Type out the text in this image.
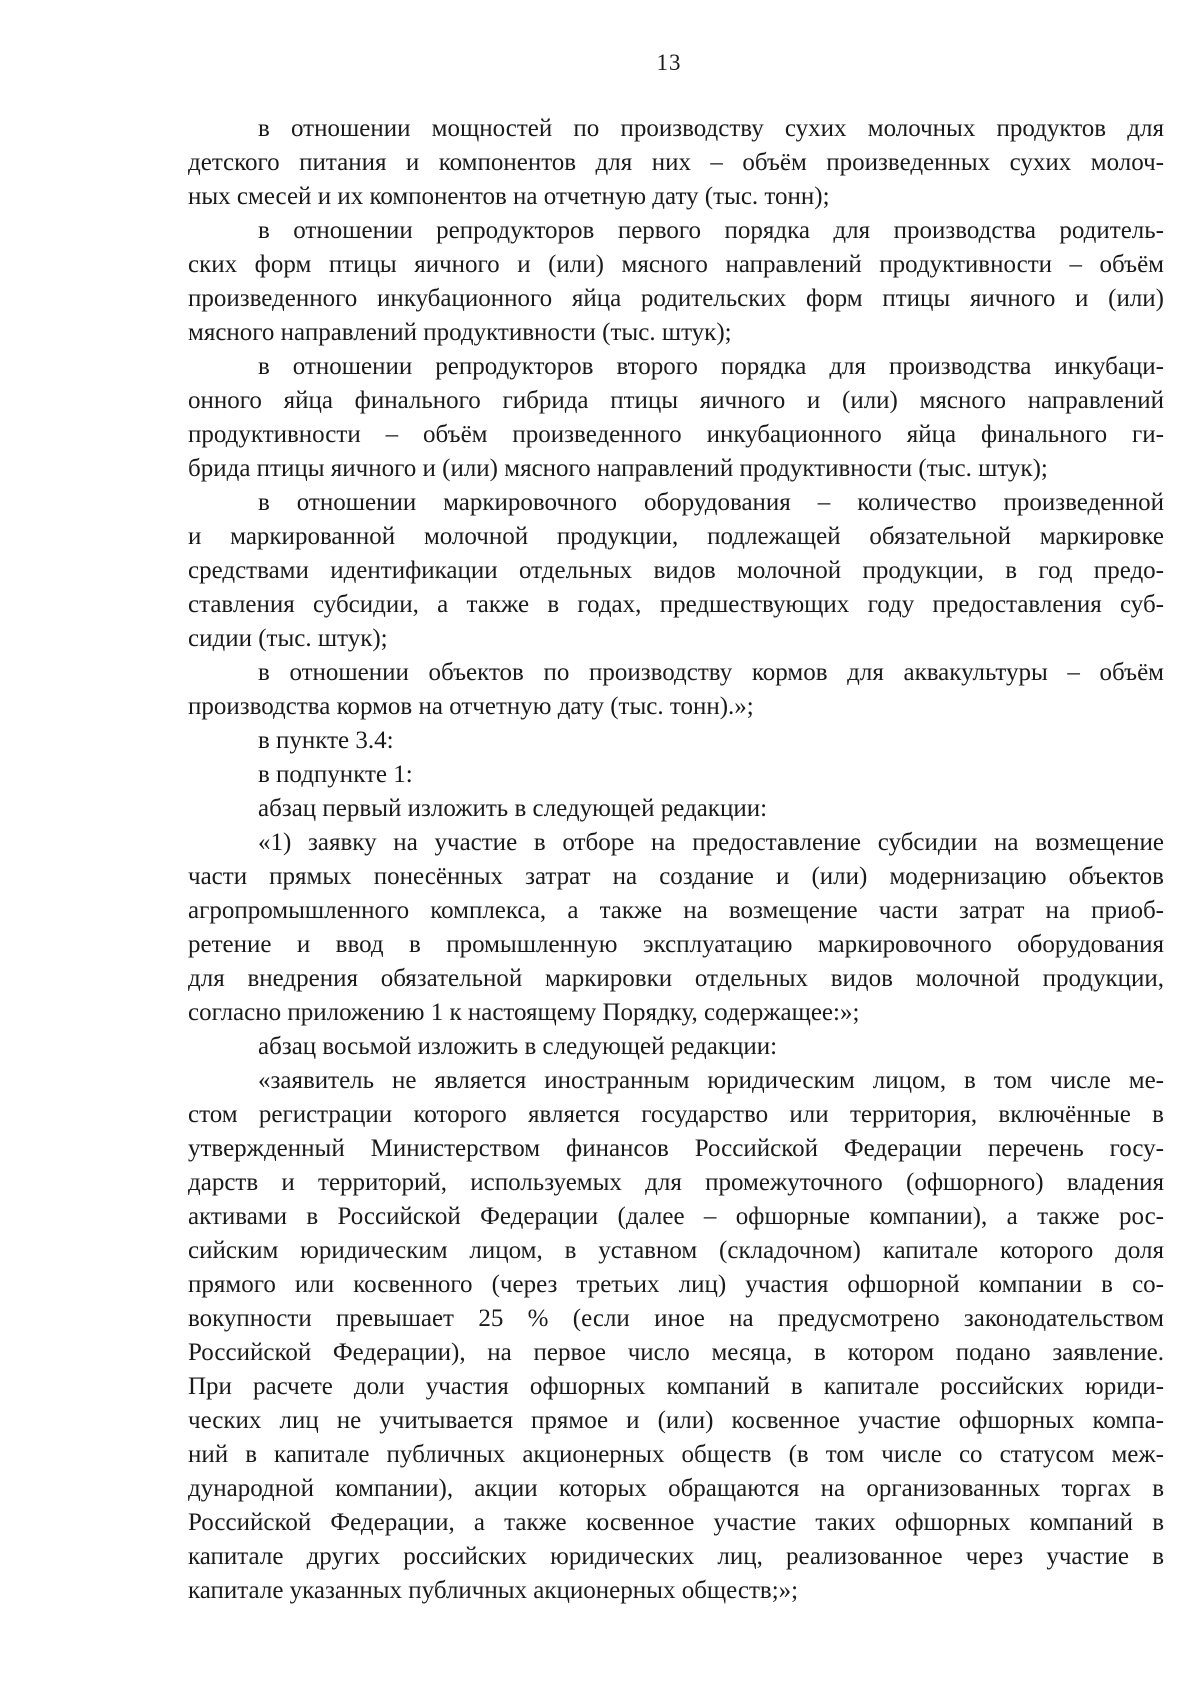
13
в отношении мощностей по производству сухих молочных продуктов для
детского питания и компонентов для них – объём произведенных сухих молоч-
ных смесей и их компонентов на отчетную дату (тыс. тонн);
в отношении репродукторов первого порядка для производства родитель-
ских форм птицы яичного и (или) мясного направлений продуктивности – объём
произведенного инкубационного яйца родительских форм птицы яичного и (или)
мясного направлений продуктивности (тыс. штук);
в отношении репродукторов второго порядка для производства инкубаци-
онного яйца финального гибрида птицы яичного и (или) мясного направлений
продуктивности – объём произведенного инкубационного яйца финального ги-
брида птицы яичного и (или) мясного направлений продуктивности (тыс. штук);
в отношении маркировочного оборудования – количество произведенной
и маркированной молочной продукции, подлежащей обязательной маркировке
средствами идентификации отдельных видов молочной продукции, в год предо-
ставления субсидии, а также в годах, предшествующих году предоставления суб-
сидии (тыс. штук);
в отношении объектов по производству кормов для аквакультуры – объём
производства кормов на отчетную дату (тыс. тонн).»;
в пункте 3.4:
в подпункте 1:
абзац первый изложить в следующей редакции:
«1) заявку на участие в отборе на предоставление субсидии на возмещение
части прямых понесённых затрат на создание и (или) модернизацию объектов
агропромышленного комплекса, а также на возмещение части затрат на приоб-
ретение и ввод в промышленную эксплуатацию маркировочного оборудования
для внедрения обязательной маркировки отдельных видов молочной продукции,
согласно приложению 1 к настоящему Порядку, содержащее:»;
абзац восьмой изложить в следующей редакции:
«заявитель не является иностранным юридическим лицом, в том числе ме-
стом регистрации которого является государство или территория, включённые в
утвержденный Министерством финансов Российской Федерации перечень госу-
дарств и территорий, используемых для промежуточного (офшорного) владения
активами в Российской Федерации (далее – офшорные компании), а также рос-
сийским юридическим лицом, в уставном (складочном) капитале которого доля
прямого или косвенного (через третьих лиц) участия офшорной компании в со-
вокупности превышает 25 % (если иное на предусмотрено законодательством
Российской Федерации), на первое число месяца, в котором подано заявление.
При расчете доли участия офшорных компаний в капитале российских юриди-
ческих лиц не учитывается прямое и (или) косвенное участие офшорных компа-
ний в капитале публичных акционерных обществ (в том числе со статусом меж-
дународной компании), акции которых обращаются на организованных торгах в
Российской Федерации, а также косвенное участие таких офшорных компаний в
капитале других российских юридических лиц, реализованное через участие в
капитале указанных публичных акционерных обществ;»;
